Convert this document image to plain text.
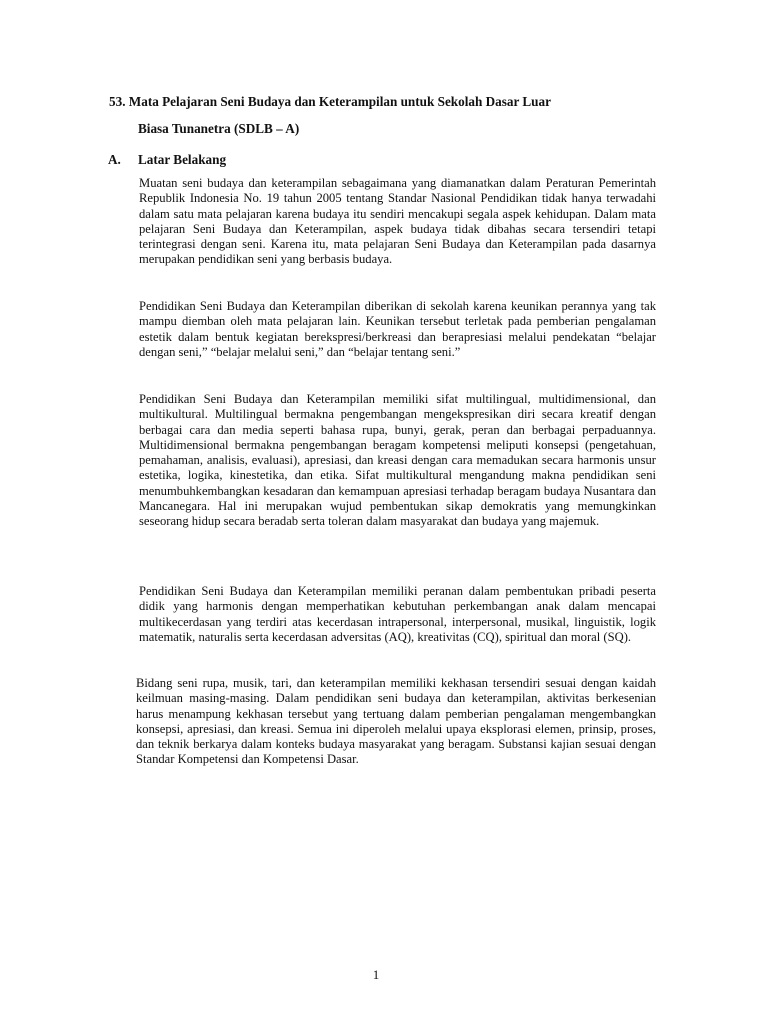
53. Mata Pelajaran Seni Budaya dan Keterampilan untuk Sekolah Dasar Luar
Biasa Tunanetra (SDLB – A)
A. Latar Belakang

Muatan seni budaya dan keterampilan sebagaimana yang diamanatkan dalam Peraturan Pemerintah Republik Indonesia No. 19 tahun 2005 tentang Standar Nasional Pendidikan tidak hanya terwadahi dalam satu mata pelajaran karena budaya itu sendiri mencakupi segala aspek kehidupan. Dalam mata pelajaran Seni Budaya dan Keterampilan, aspek budaya tidak dibahas secara tersendiri tetapi terintegrasi dengan seni. Karena itu, mata pelajaran Seni Budaya dan Keterampilan pada dasarnya merupakan pendidikan seni yang berbasis budaya.

Pendidikan Seni Budaya dan Keterampilan diberikan di sekolah karena keunikan perannya yang tak mampu diemban oleh mata pelajaran lain. Keunikan tersebut terletak pada pemberian pengalaman estetik dalam bentuk kegiatan berekspresi/berkreasi dan berapresiasi melalui pendekatan “belajar dengan seni,” “belajar melalui seni,” dan “belajar tentang seni.”

Pendidikan Seni Budaya dan Keterampilan memiliki sifat multilingual, multidimensional, dan multikultural. Multilingual bermakna pengembangan mengekspresikan diri secara kreatif dengan berbagai cara dan media seperti bahasa rupa, bunyi, gerak, peran dan berbagai perpaduannya. Multidimensional bermakna pengembangan beragam kompetensi meliputi konsepsi (pengetahuan, pemahaman, analisis, evaluasi), apresiasi, dan kreasi dengan cara memadukan secara harmonis unsur estetika, logika, kinestetika, dan etika. Sifat multikultural mengandung makna pendidikan seni menumbuhkembangkan kesadaran dan kemampuan apresiasi terhadap beragam budaya Nusantara dan Mancanegara. Hal ini merupakan wujud pembentukan sikap demokratis yang memungkinkan seseorang hidup secara beradab serta toleran dalam masyarakat dan budaya yang majemuk.

Pendidikan Seni Budaya dan Keterampilan memiliki peranan dalam pembentukan pribadi peserta didik yang harmonis dengan memperhatikan kebutuhan perkembangan anak dalam mencapai multikecerdasan yang terdiri atas kecerdasan intrapersonal, interpersonal, musikal, linguistik, logik matematik, naturalis serta kecerdasan adversitas (AQ), kreativitas (CQ), spiritual dan moral (SQ).

Bidang seni rupa, musik, tari, dan keterampilan memiliki kekhasan tersendiri sesuai dengan kaidah keilmuan masing-masing. Dalam pendidikan seni budaya dan keterampilan, aktivitas berkesenian harus menampung kekhasan tersebut yang tertuang dalam pemberian pengalaman mengembangkan konsepsi, apresiasi, dan kreasi. Semua ini diperoleh melalui upaya eksplorasi elemen, prinsip, proses, dan teknik berkarya dalam konteks budaya masyarakat yang beragam. Substansi kajian sesuai dengan Standar Kompetensi dan Kompetensi Dasar.

1
